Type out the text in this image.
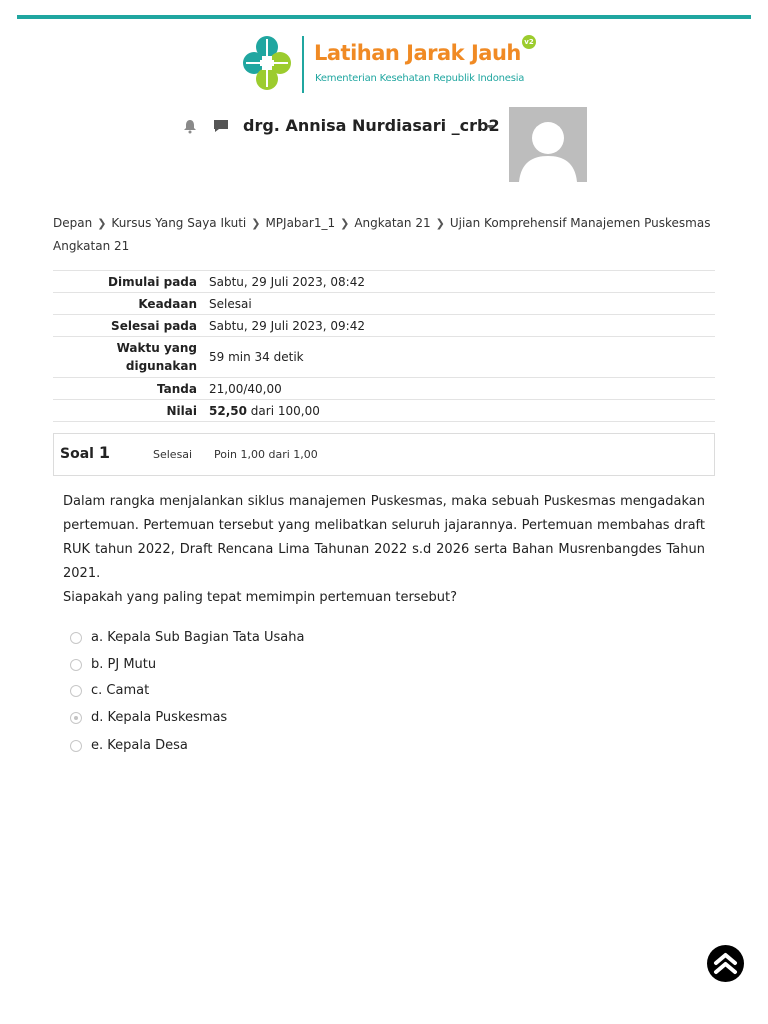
Latihan Jarak Jauh v2
Kementerian Kesehatan Republik Indonesia
drg. Annisa Nurdiasari _crb2
Depan ❯ Kursus Yang Saya Ikuti ❯ MPJabar1_1 ❯ Angkatan 21 ❯ Ujian Komprehensif Manajemen Puskesmas Angkatan 21
Dimulai pada	Sabtu, 29 Juli 2023, 08:42
Keadaan	Selesai
Selesai pada	Sabtu, 29 Juli 2023, 09:42
Waktu yang
digunakan	59 min 34 detik
Tanda	21,00/40,00
Nilai	52,50 dari 100,00
Soal 1	Selesai Poin 1,00 dari 1,00
Dalam rangka menjalankan siklus manajemen Puskesmas, maka sebuah Puskesmas mengadakan pertemuan. Pertemuan tersebut yang melibatkan seluruh jajarannya. Pertemuan membahas draft RUK tahun 2022, Draft Rencana Lima Tahunan 2022 s.d 2026 serta Bahan Musrenbangdes Tahun 2021.
Siapakah yang paling tepat memimpin pertemuan tersebut?
a. Kepala Sub Bagian Tata Usaha
b. PJ Mutu
c. Camat
d. Kepala Puskesmas
e. Kepala Desa
